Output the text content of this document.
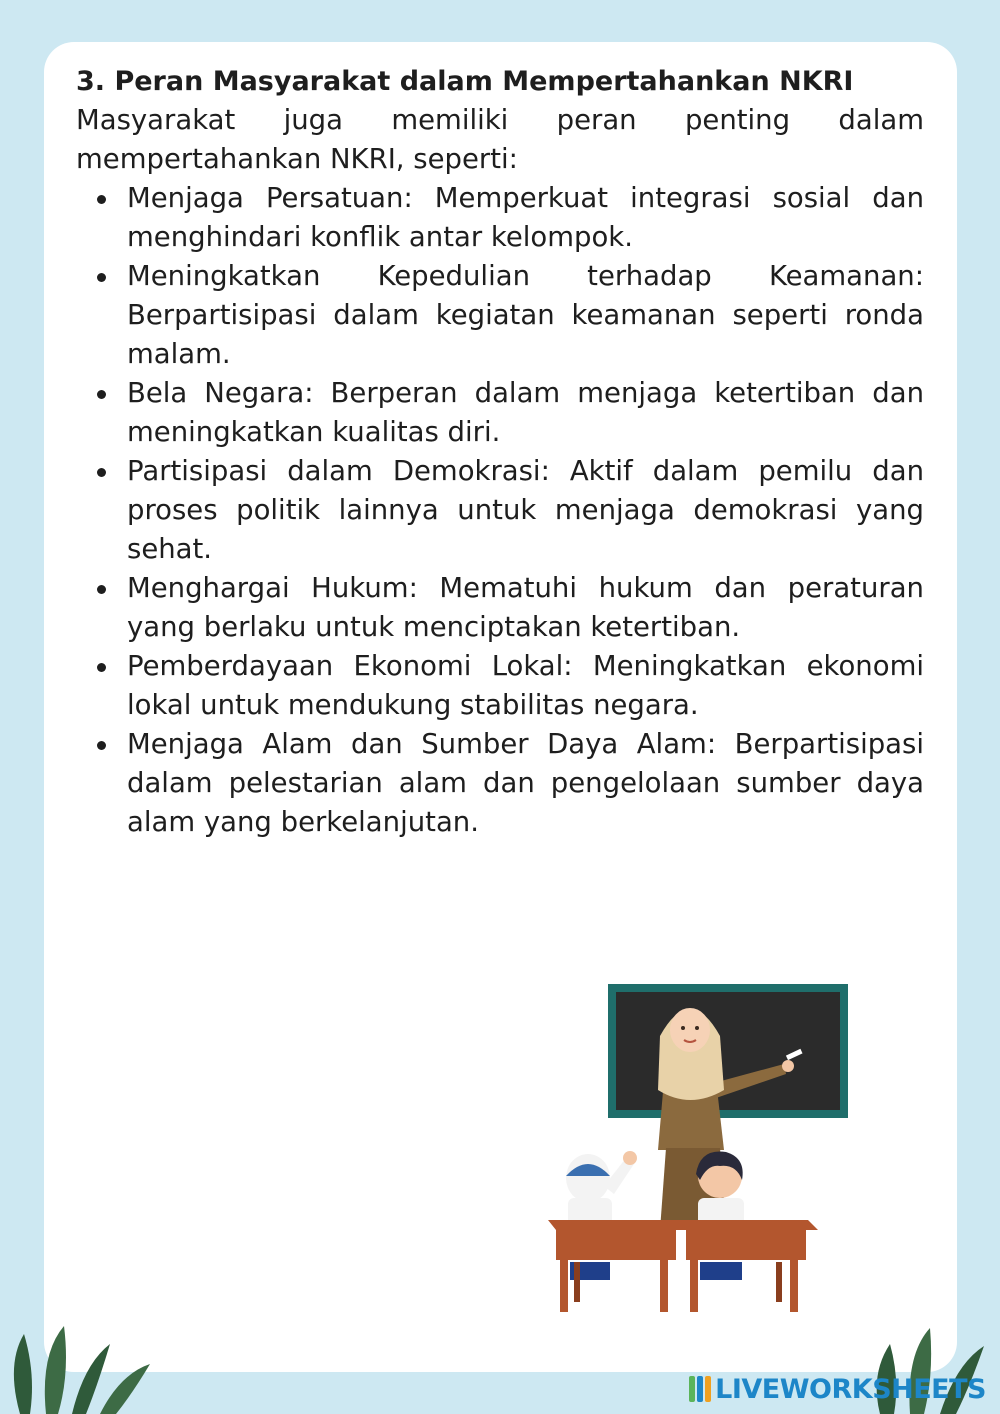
3. Peran Masyarakat dalam Mempertahankan NKRI

Masyarakat juga memiliki peran penting dalam mempertahankan NKRI, seperti:

Menjaga Persatuan: Memperkuat integrasi sosial dan menghindari konflik antar kelompok.
Meningkatkan Kepedulian terhadap Keamanan: Berpartisipasi dalam kegiatan keamanan seperti ronda malam.
Bela Negara: Berperan dalam menjaga ketertiban dan meningkatkan kualitas diri.
Partisipasi dalam Demokrasi: Aktif dalam pemilu dan proses politik lainnya untuk menjaga demokrasi yang sehat.
Menghargai Hukum: Mematuhi hukum dan peraturan yang berlaku untuk menciptakan ketertiban.
Pemberdayaan Ekonomi Lokal: Meningkatkan ekonomi lokal untuk mendukung stabilitas negara.
Menjaga Alam dan Sumber Daya Alam: Berpartisipasi dalam pelestarian alam dan pengelolaan sumber daya alam yang berkelanjutan.
LIVEWORKSHEETS
